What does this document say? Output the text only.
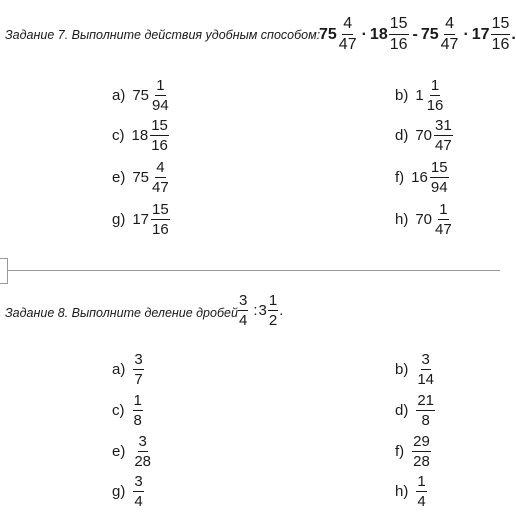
Задание 7. Выполните действия удобным способом:
$75 \frac{4}{47} \cdot 18 \frac{15}{16} - 75 \frac{4}{47} \cdot 17 \frac{15}{16}$ .
a) $75 \frac{1}{94}$	b) $1 \frac{1}{16}$
c) $18 \frac{15}{16}$	d) $70 \frac{31}{47}$
e) $75 \frac{4}{47}$	f) $16 \frac{15}{94}$
g) $17 \frac{15}{16}$	h) $70 \frac{1}{47}$
Задание 8. Выполните деление дробей $\frac{3}{4}$ : $3 \frac{1}{2}$ .
$a) \frac{3}{7}$	$b) \frac{3}{14}$
$c) \frac{1}{8}$	$d) \frac{21}{8}$
$e) \frac{3}{28}$	$f) \frac{29}{28}$
$g) \frac{3}{4}$	$h) \frac{1}{4}$
